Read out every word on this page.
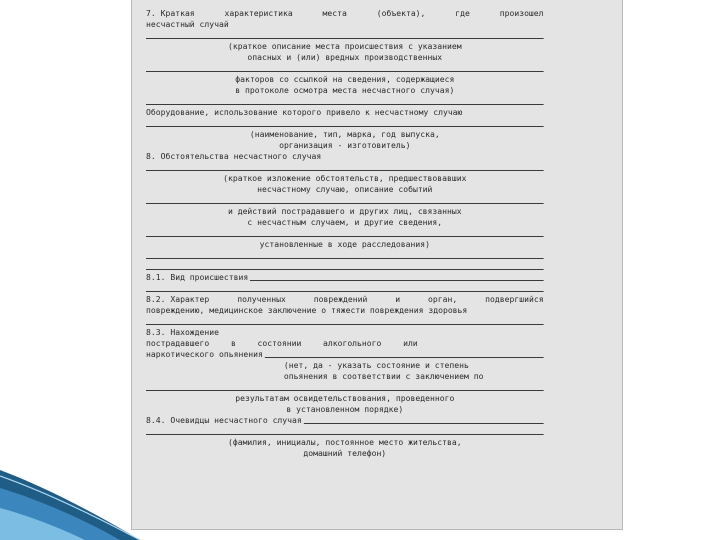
7. Краткая	характеристика	места	(объекта),	где	произошел
несчастный случай
(краткое описание места происшествия с указанием
опасных и (или) вредных производственных
факторов со ссылкой на сведения, содержащиеся
в протоколе осмотра места несчастного случая)
Оборудование, использование которого привело к несчастному случаю
(наименование, тип, марка, год выпуска,
организация - изготовитель)
8. Обстоятельства несчастного случая
(краткое изложение обстоятельств, предшествовавших
несчастному случаю, описание событий
и действий пострадавшего и других лиц, связанных
с несчастным случаем, и другие сведения,
установленные в ходе расследования)
8.1. Вид происшествия
8.2. Характер	полученных	повреждений	и	орган,	подвергшийся
повреждению, медицинское заключение о тяжести повреждения здоровья
8.3. Нахождение
пострадавшего	в	состоянии	алкогольного	или
наркотического опьянения
(нет, да - указать состояние и степень
опьянения в соответствии с заключением по
результатам освидетельствования, проведенного
в установленном порядке)
8.4. Очевидцы несчастного случая
(фамилия, инициалы, постоянное место жительства,
домашний телефон)
